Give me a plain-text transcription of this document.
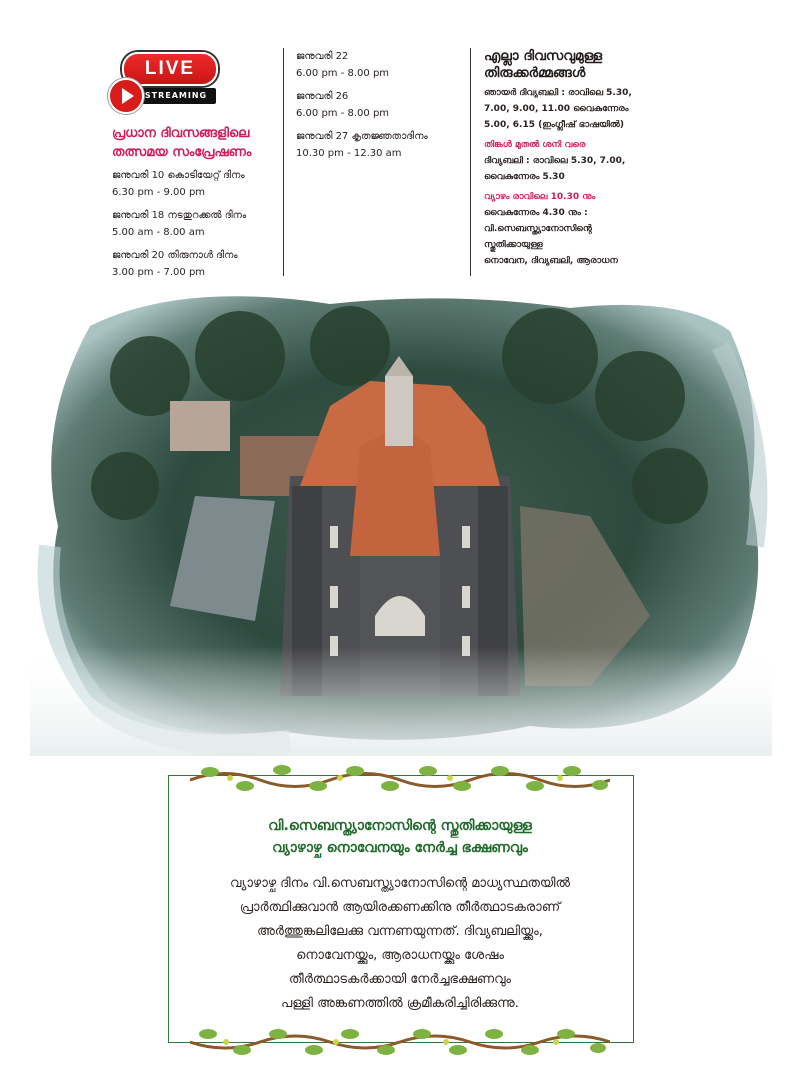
LIVE
STREAMING
പ്രധാന ദിവസങ്ങളിലെ
തത്സമയ സംപ്രേഷണം
ജനുവരി 10 കൊടിയേറ്റ് ദിനം
6.30 pm - 9.00 pm
ജനുവരി 18 നടതുറക്കൽ ദിനം
5.00 am - 8.00 am
ജനുവരി 20 തിരുനാൾ ദിനം
3.00 pm - 7.00 pm
ജനുവരി 22
6.00 pm - 8.00 pm
ജനുവരി 26
6.00 pm - 8.00 pm
ജനുവരി 27 കൃതജ്ഞതാദിനം
10.30 pm - 12.30 am
എല്ലാ ദിവസവുമുള്ള
തിരുക്കർമ്മങ്ങൾ
ഞായർ ദിവ്യബലി : രാവിലെ 5.30,
7.00, 9.00, 11.00 വൈകുന്നേരം
5.00, 6.15 (ഇംഗ്ലീഷ് ഭാഷയിൽ)
തിങ്കൾ മുതൽ ശനി വരെ
ദിവ്യബലി : രാവിലെ 5.30, 7.00,
വൈകുന്നേരം 5.30
വ്യാഴം രാവിലെ 10.30 നും
വൈകുന്നേരം 4.30 നും :
വി.സെബസ്ത്യാനോസിന്റെ
സ്തുതിക്കായുള്ള
നൊവേന, ദിവ്യബലി, ആരാധന
വി.സെബസ്ത്യാനോസിന്റെ സ്തുതിക്കായുള്ള
വ്യാഴാഴ്ച നൊവേനയും നേർച്ച ഭക്ഷണവും
വ്യാഴാഴ്ച ദിനം വി.സെബസ്ത്യാനോസിന്റെ മാധ്യസ്ഥതയിൽ
പ്രാർത്ഥിക്കുവാൻ ആയിരക്കണക്കിനു തീർത്ഥാടകരാണ്
അർത്തുങ്കലിലേക്കു വന്നണയുന്നത്. ദിവ്യബലിയ്ക്കും,
നൊവേനയ്ക്കും, ആരാധനയ്ക്കും ശേഷം
തീർത്ഥാടകർക്കായി നേർച്ചഭക്ഷണവും
പള്ളി അങ്കണത്തിൽ ക്രമീകരിച്ചിരിക്കുന്നു.
